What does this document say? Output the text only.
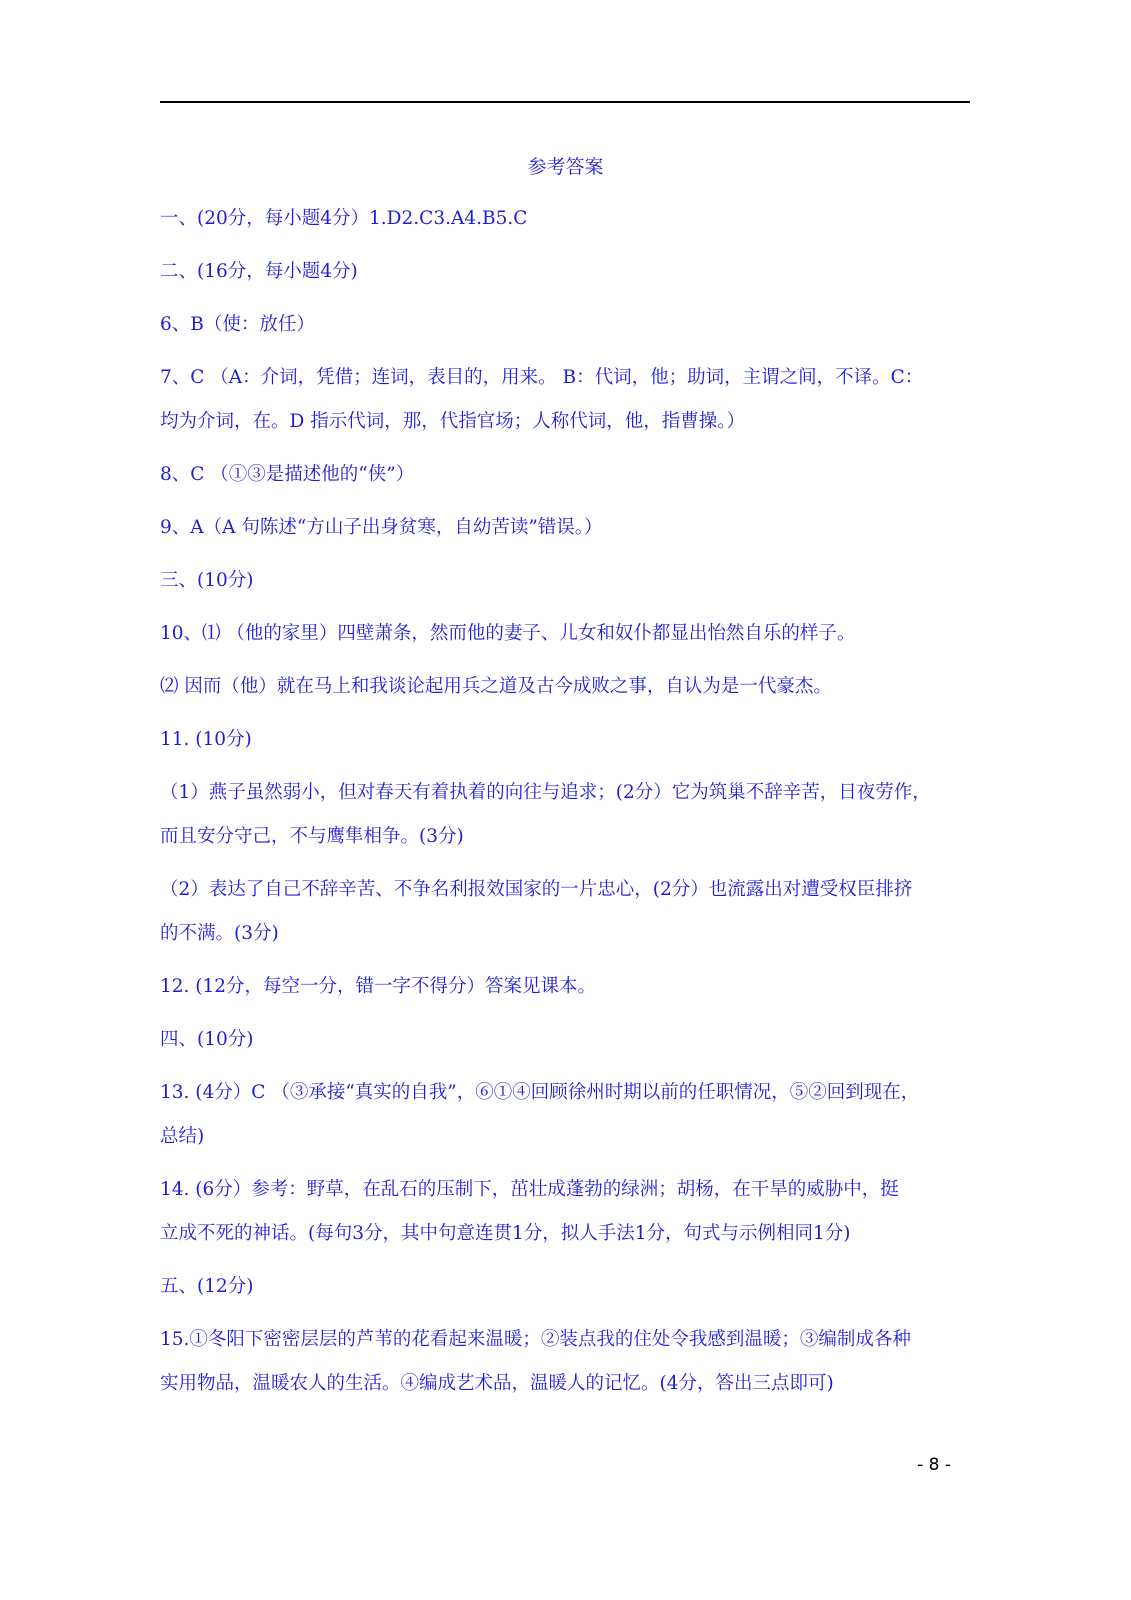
参考答案
一、(20分，每小题4分）1.D2.C3.A4.B5.C
二、(16分，每小题4分)
6、B（使：放任）
7、C （A：介词，凭借；连词，表目的，用来。 B：代词，他；助词，主谓之间，不译。C：
均为介词，在。D 指示代词，那，代指官场；人称代词，他，指曹操。）
8、C （①③是描述他的“侠”）
9、A（A 句陈述“方山子出身贫寒，自幼苦读”错误。）
三、(10分)
10、⑴ （他的家里）四壁萧条，然而他的妻子、儿女和奴仆都显出怡然自乐的样子。
⑵ 因而（他）就在马上和我谈论起用兵之道及古今成败之事，自认为是一代豪杰。
11. (10分)
（1）燕子虽然弱小，但对春天有着执着的向往与追求；(2分）它为筑巢不辞辛苦，日夜劳作，
而且安分守己，不与鹰隼相争。(3分)
（2）表达了自己不辞辛苦、不争名利报效国家的一片忠心，(2分）也流露出对遭受权臣排挤
的不满。(3分)
12. (12分，每空一分，错一字不得分）答案见课本。
四、(10分)
13. (4分）C （③承接“真实的自我”，⑥①④回顾徐州时期以前的任职情况，⑤②回到现在，
总结)
14. (6分）参考：野草，在乱石的压制下，茁壮成蓬勃的绿洲；胡杨，在干旱的威胁中，挺
立成不死的神话。(每句3分，其中句意连贯1分，拟人手法1分，句式与示例相同1分)
五、(12分)
15.①冬阳下密密层层的芦苇的花看起来温暖；②装点我的住处令我感到温暖；③编制成各种
实用物品，温暖农人的生活。④编成艺术品，温暖人的记忆。(4分，答出三点即可)
- 8 -
